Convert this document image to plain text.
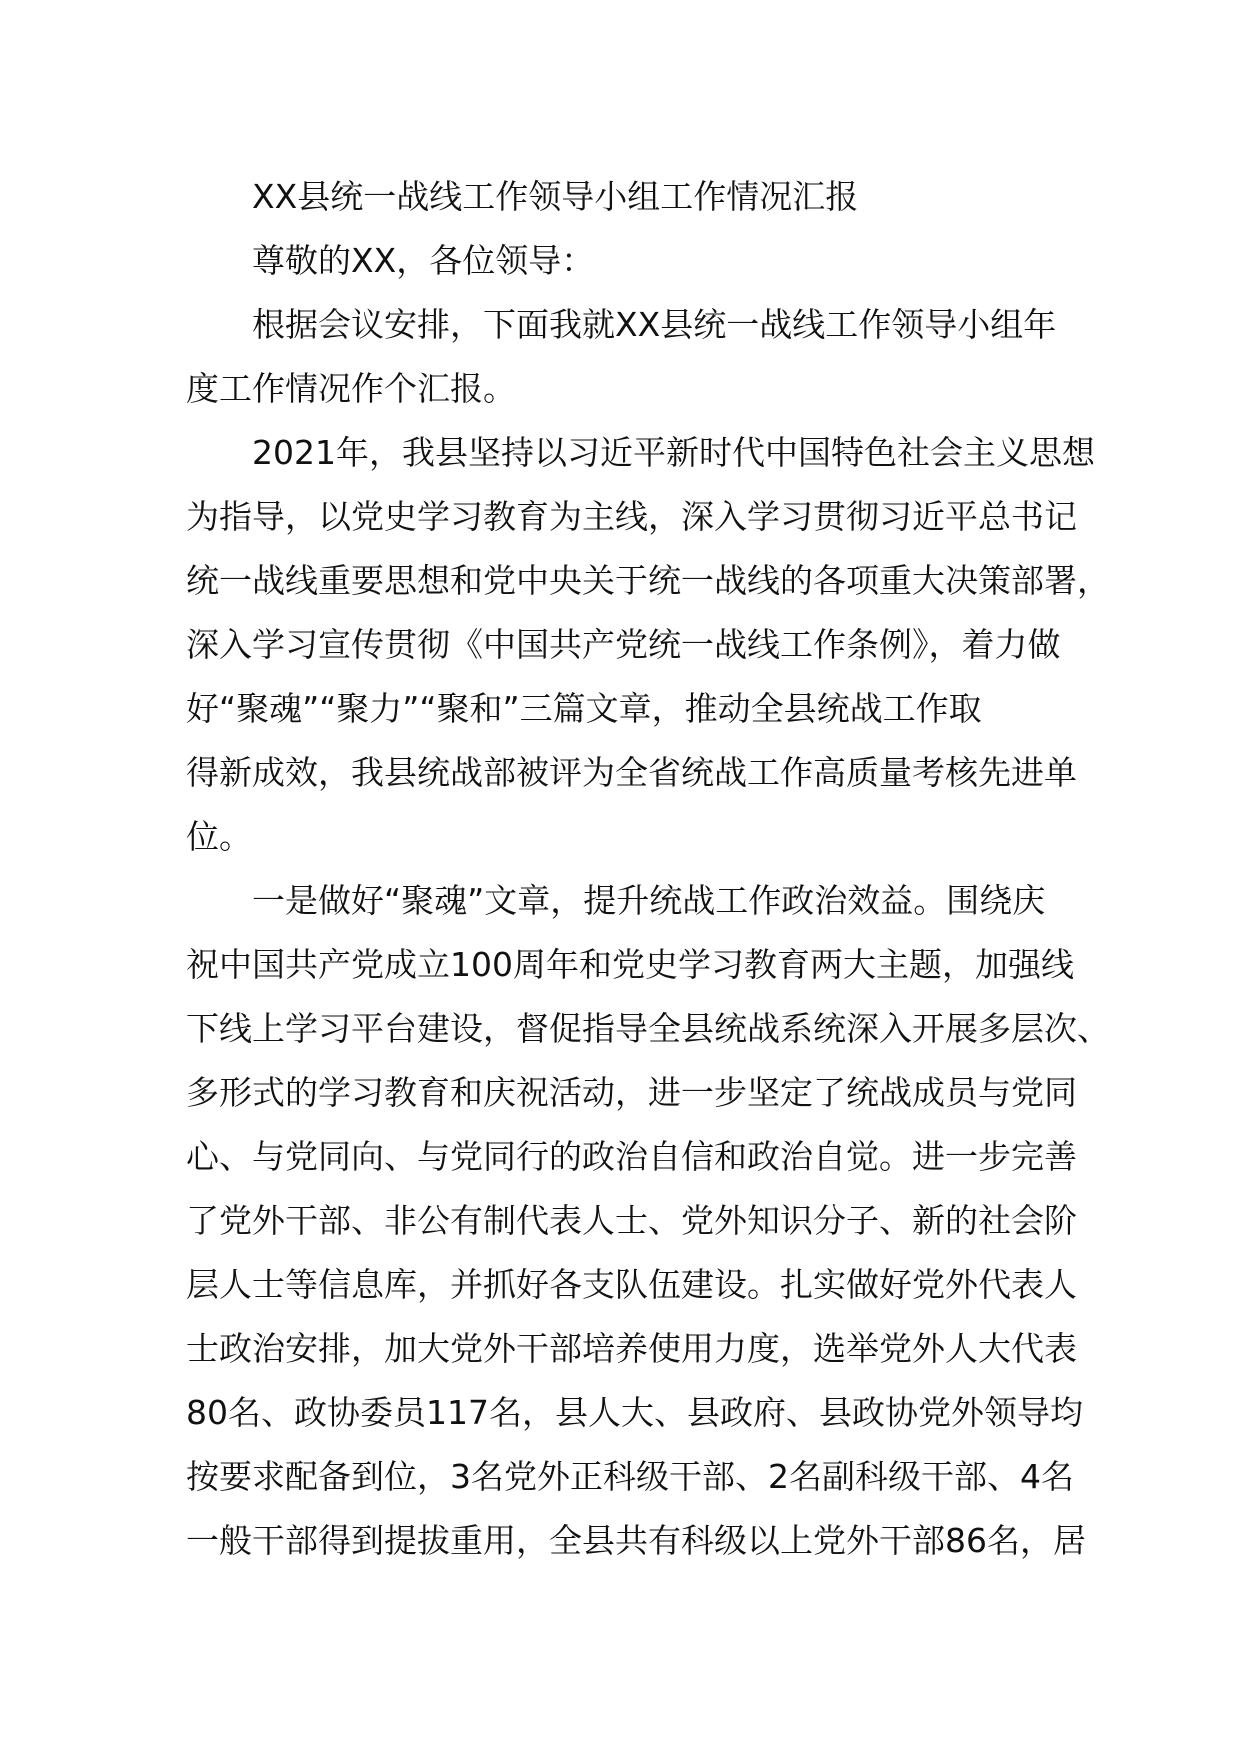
XX县统一战线工作领导小组工作情况汇报
尊敬的XX，各位领导：
根据会议安排，下面我就XX县统一战线工作领导小组年
度工作情况作个汇报。
2021年，我县坚持以习近平新时代中国特色社会主义思想
为指导，以党史学习教育为主线，深入学习贯彻习近平总书记
统一战线重要思想和党中央关于统一战线的各项重大决策部署，
深入学习宣传贯彻《中国共产党统一战线工作条例》，着力做
好“聚魂”“聚力”“聚和”三篇文章，推动全县统战工作取
得新成效，我县统战部被评为全省统战工作高质量考核先进单
位。
一是做好“聚魂”文章，提升统战工作政治效益。围绕庆
祝中国共产党成立100周年和党史学习教育两大主题，加强线
下线上学习平台建设，督促指导全县统战系统深入开展多层次、
多形式的学习教育和庆祝活动，进一步坚定了统战成员与党同
心、与党同向、与党同行的政治自信和政治自觉。进一步完善
了党外干部、非公有制代表人士、党外知识分子、新的社会阶
层人士等信息库，并抓好各支队伍建设。扎实做好党外代表人
士政治安排，加大党外干部培养使用力度，选举党外人大代表
80名、政协委员117名，县人大、县政府、县政协党外领导均
按要求配备到位，3名党外正科级干部、2名副科级干部、4名
一般干部得到提拔重用，全县共有科级以上党外干部86名，居
